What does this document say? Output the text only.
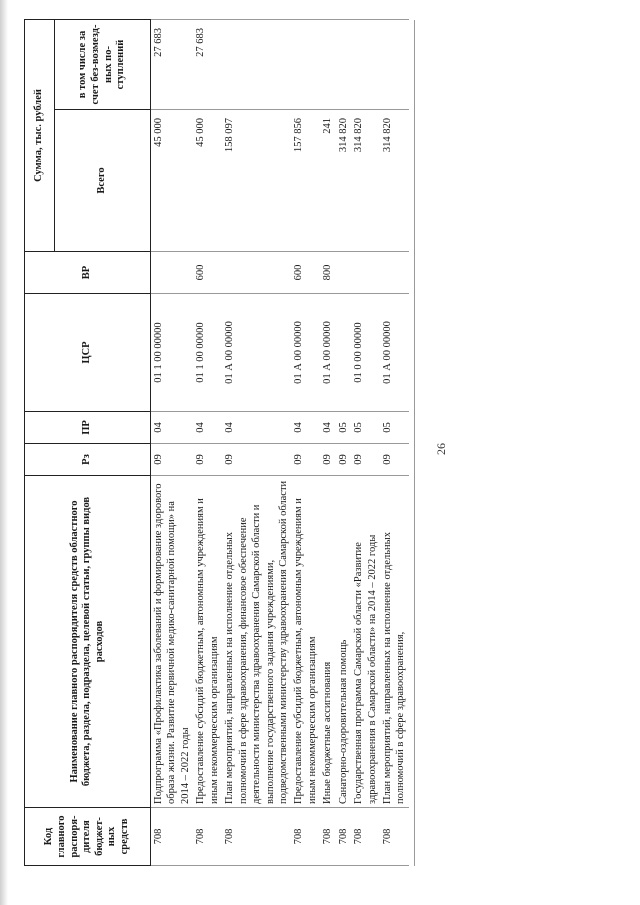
26
Код главного распоря-дителя бюджет-ных средств	Наименование главного распорядителя средств областного бюджета, раздела, подраздела, целевой статьи, группы видов расходов	Рз	ПР	ЦСР	ВР	Сумма, тыс. рублей	
						Всего	в том числе за счет без-возмезд-ных по-ступлений
708	Подпрограмма «Профилактика заболеваний и формирование здорового образа жизни. Развитие первичной медико-санитарной помощи» на 2014 – 2022 годы	09	04	01 1 00 00000		45 000	27 683
708	Предоставление субсидий бюджетным, автономным учреждениям и иным некоммерческим организациям	09	04	01 1 00 00000	600	45 000	27 683
708	План мероприятий, направленных на исполнение отдельных полномочий в сфере здравоохранения, финансовое обеспечение деятельности министерства здравоохранения Самарской области и выполнение государственного задания учреждениями, подведомственными министерству здравоохранения Самарской области	09	04	01 А 00 00000		158 097	
708	Предоставление субсидий бюджетным, автономным учреждениям и иным некоммерческим организациям	09	04	01 А 00 00000	600	157 856	
708	Иные бюджетные ассигнования	09	04	01 А 00 00000	800	241	
708	Санаторно-оздоровительная помощь	09	05			314 820	
708	Государственная программа Самарской области «Развитие здравоохранения в Самарской области» на 2014 – 2022 годы	09	05	01 0 00 00000		314 820	
708	План мероприятий, направленных на исполнение отдельных полномочий в сфере здравоохранения,	09	05	01 А 00 00000		314 820	
